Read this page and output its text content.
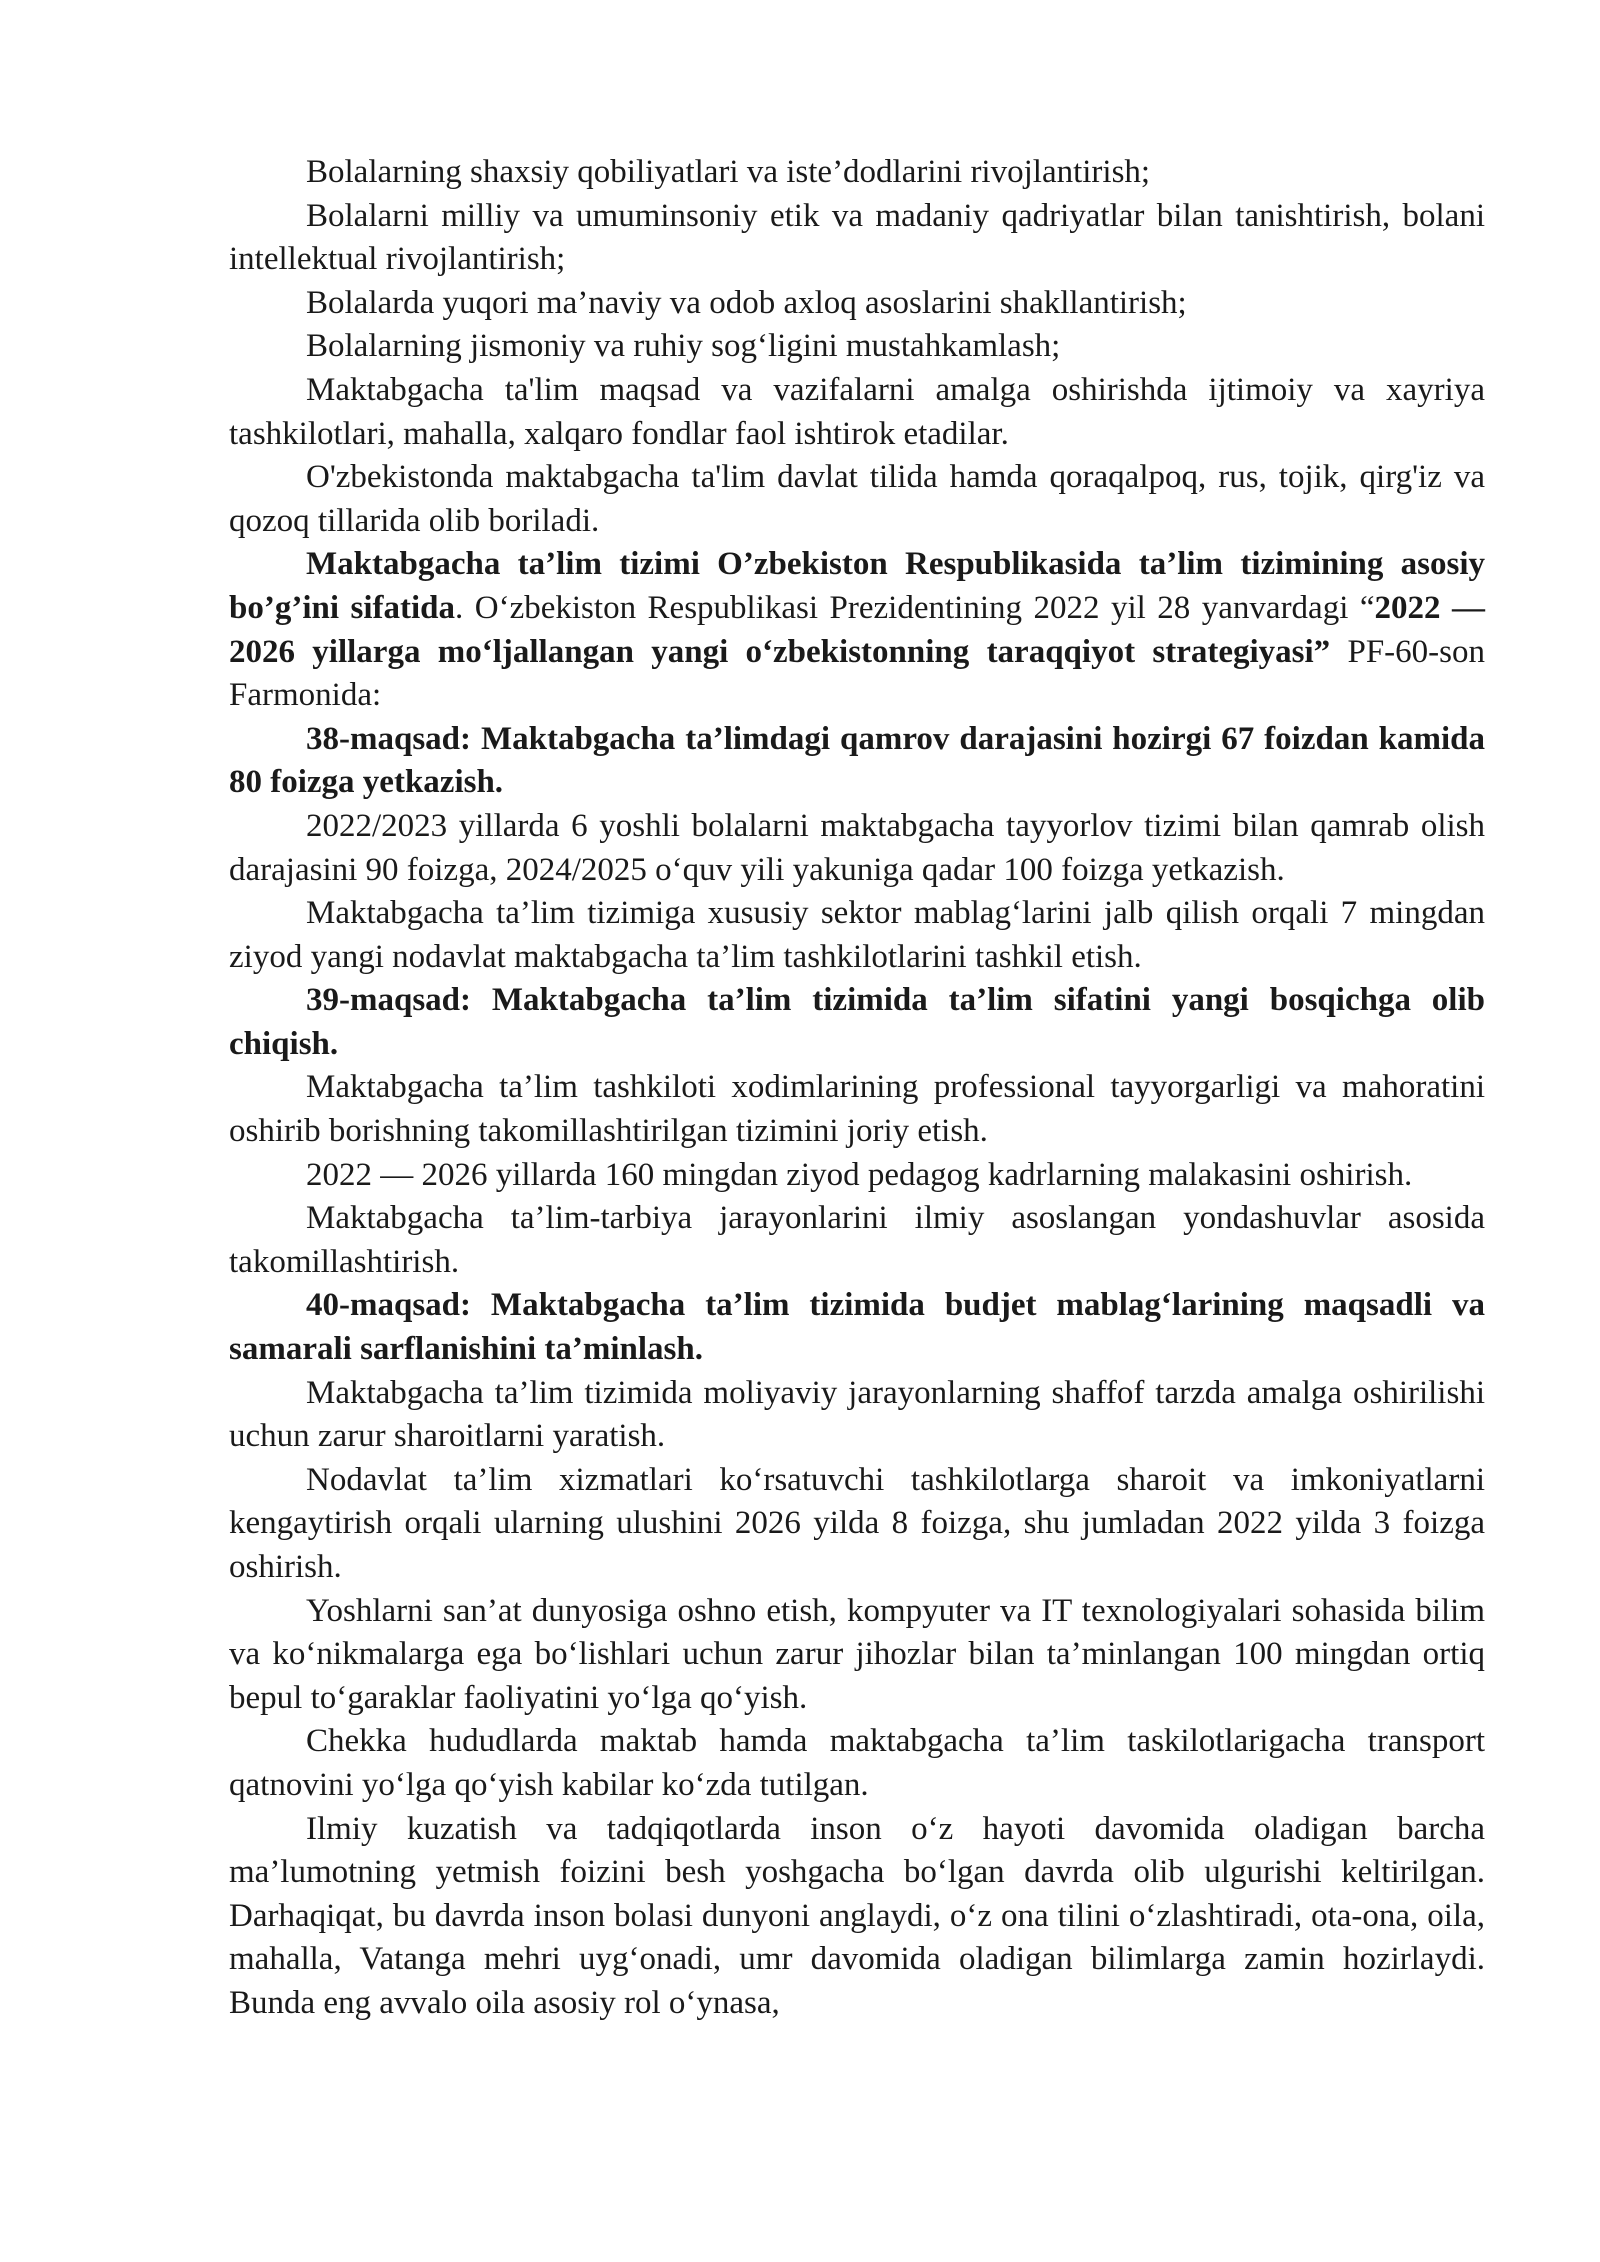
Bolalarning shaxsiy qobiliyatlari va iste’dodlarini rivojlantirish;

Bolalarni milliy va umuminsoniy etik va madaniy qadriyatlar bilan tanishtirish, bolani intellektual rivojlantirish;

Bolalarda yuqori ma’naviy va odob axloq asoslarini shakllantirish;

Bolalarning jismoniy va ruhiy sog‘ligini mustahkamlash;

Maktabgacha ta'lim maqsad va vazifalarni amalga oshirishda ijtimoiy va xayriya tashkilotlari, mahalla, xalqaro fondlar faol ishtirok etadilar.

O'zbekistonda maktabgacha ta'lim davlat tilida hamda qoraqalpoq, rus, tojik, qirg'iz va qozoq tillarida olib boriladi.

Maktabgacha ta’lim tizimi O’zbekiston Respublikasida ta’lim tizimining asosiy bo’g’ini sifatida. O‘zbekiston Respublikasi Prezidentining 2022 yil 28 yanvardagi “2022 — 2026 yillarga mo‘ljallangan yangi o‘zbekistonning taraqqiyot strategiyasi” PF-60-son Farmonida:

38-maqsad: Maktabgacha ta’limdagi qamrov darajasini hozirgi 67 foizdan kamida 80 foizga yetkazish.

2022/2023 yillarda 6 yoshli bolalarni maktabgacha tayyorlov tizimi bilan qamrab olish darajasini 90 foizga, 2024/2025 o‘quv yili yakuniga qadar 100 foizga yetkazish.

Maktabgacha ta’lim tizimiga xususiy sektor mablag‘larini jalb qilish orqali 7 mingdan ziyod yangi nodavlat maktabgacha ta’lim tashkilotlarini tashkil etish.

39-maqsad: Maktabgacha ta’lim tizimida ta’lim sifatini yangi bosqichga olib chiqish.

Maktabgacha ta’lim tashkiloti xodimlarining professional tayyorgarligi va mahoratini oshirib borishning takomillashtirilgan tizimini joriy etish.

2022 — 2026 yillarda 160 mingdan ziyod pedagog kadrlarning malakasini oshirish.

Maktabgacha ta’lim-tarbiya jarayonlarini ilmiy asoslangan yondashuvlar asosida takomillashtirish.

40-maqsad: Maktabgacha ta’lim tizimida budjet mablag‘larining maqsadli va samarali sarflanishini ta’minlash.

Maktabgacha ta’lim tizimida moliyaviy jarayonlarning shaffof tarzda amalga oshirilishi uchun zarur sharoitlarni yaratish.

Nodavlat ta’lim xizmatlari ko‘rsatuvchi tashkilotlarga sharoit va imkoniyatlarni kengaytirish orqali ularning ulushini 2026 yilda 8 foizga, shu jumladan 2022 yilda 3 foizga oshirish.

Yoshlarni san’at dunyosiga oshno etish, kompyuter va IT texnologiyalari sohasida bilim va ko‘nikmalarga ega bo‘lishlari uchun zarur jihozlar bilan ta’minlangan 100 mingdan ortiq bepul to‘garaklar faoliyatini yo‘lga qo‘yish.

Chekka hududlarda maktab hamda maktabgacha ta’lim taskilotlarigacha transport qatnovini yo‘lga qo‘yish kabilar ko‘zda tutilgan.

Ilmiy kuzatish va tadqiqotlarda inson o‘z hayoti davomida oladigan barcha ma’lumotning yetmish foizini besh yoshgacha bo‘lgan davrda olib ulgurishi keltirilgan. Darhaqiqat, bu davrda inson bolasi dunyoni anglaydi, o‘z ona tilini o‘zlashtiradi, ota-ona, oila, mahalla, Vatanga mehri uyg‘onadi, umr davomida oladigan bilimlarga zamin hozirlaydi. Bunda eng avvalo oila asosiy rol o‘ynasa,
